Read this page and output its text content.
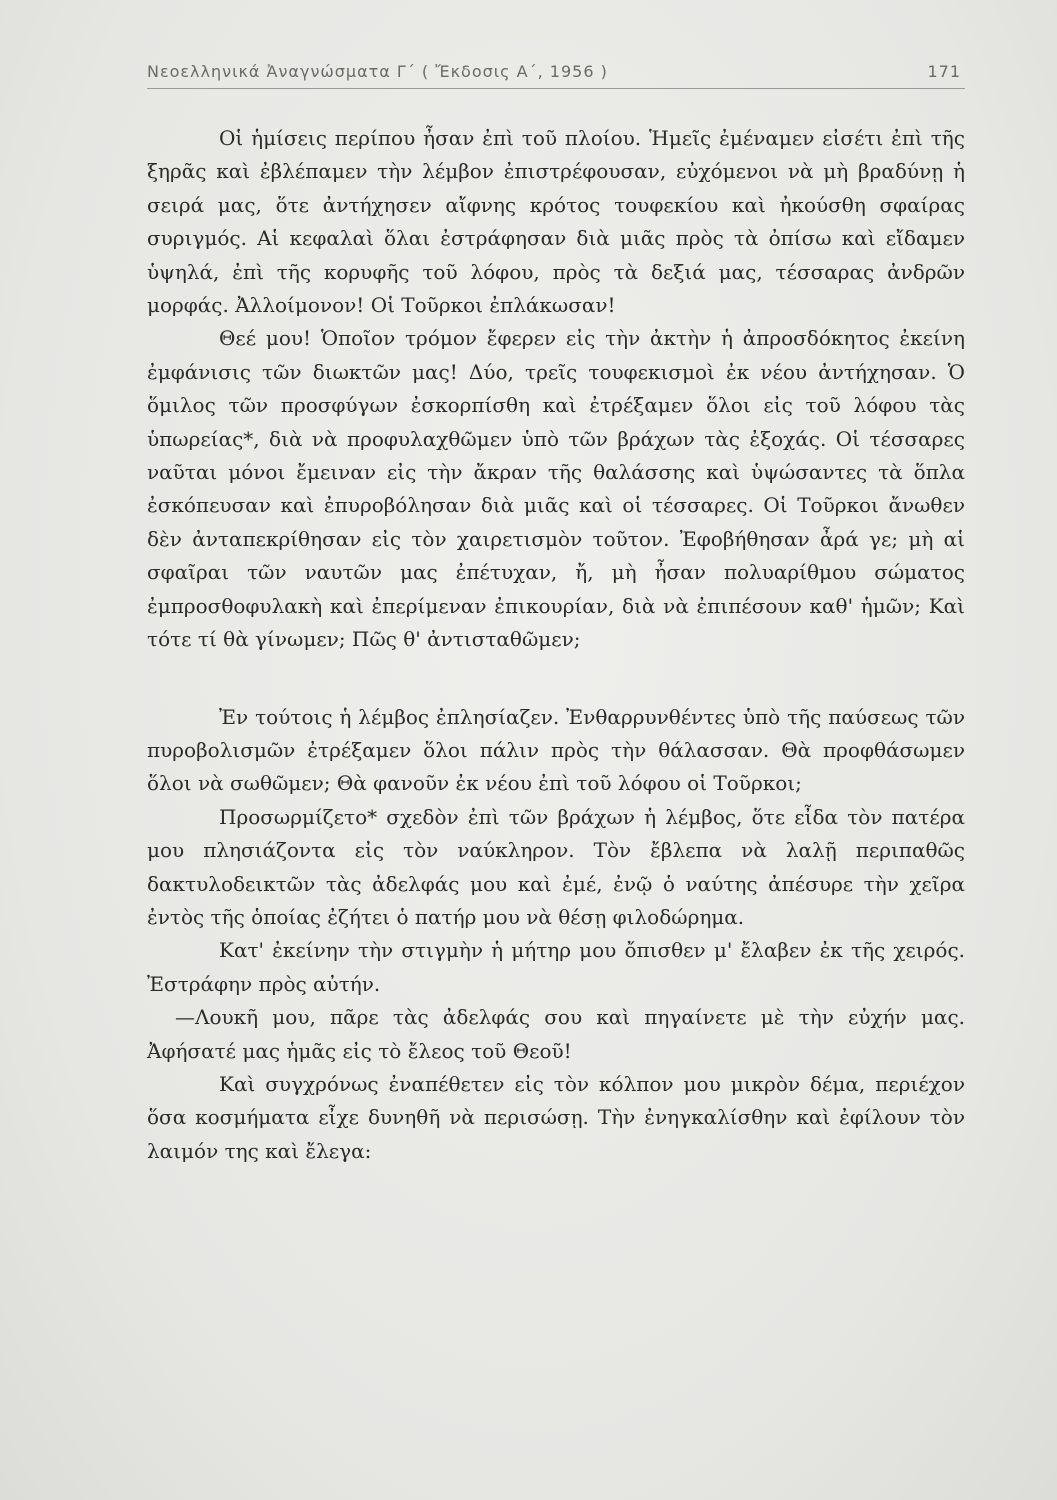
Νεοελληνικά Ἀναγνώσματα Γ΄ ( Ἔκδοσις Α΄, 1956 )	171

Οἱ ἡμίσεις περίπου ἦσαν ἐπὶ τοῦ πλοίου. Ἡμεῖς ἐμέναμεν εἰσέτι ἐπὶ τῆς ξηρᾶς καὶ ἐβλέπαμεν τὴν λέμβον ἐπιστρέφουσαν, εὐχόμενοι νὰ μὴ βραδύνῃ ἡ σειρά μας, ὅτε ἀντήχησεν αἴφνης κρότος τουφεκίου καὶ ἠκούσθη σφαίρας συριγμός. Αἱ κεφαλαὶ ὅλαι ἐστράφησαν διὰ μιᾶς πρὸς τὰ ὀπίσω καὶ εἴδαμεν ὑψηλά, ἐπὶ τῆς κορυφῆς τοῦ λόφου, πρὸς τὰ δεξιά μας, τέσσαρας ἀνδρῶν μορφάς. Ἀλλοίμονον! Οἱ Τοῦρκοι ἐπλάκωσαν!

Θεέ μου! Ὁποῖον τρόμον ἔφερεν εἰς τὴν ἀκτὴν ἡ ἀπροσδόκητος ἐκείνη ἐμφάνισις τῶν διωκτῶν μας! Δύο, τρεῖς τουφεκισμοὶ ἐκ νέου ἀντήχησαν. Ὁ ὅμιλος τῶν προσφύγων ἐσκορπίσθη καὶ ἐτρέξαμεν ὅλοι εἰς τοῦ λόφου τὰς ὑπωρείας*, διὰ νὰ προφυλαχθῶμεν ὑπὸ τῶν βράχων τὰς ἐξοχάς. Οἱ τέσσαρες ναῦται μόνοι ἔμειναν εἰς τὴν ἄκραν τῆς θαλάσσης καὶ ὑψώσαντες τὰ ὅπλα ἐσκόπευσαν καὶ ἐπυροβόλησαν διὰ μιᾶς καὶ οἱ τέσσαρες. Οἱ Τοῦρκοι ἄνωθεν δὲν ἀνταπεκρίθησαν εἰς τὸν χαιρετισμὸν τοῦτον. Ἐφοβήθησαν ἆρά γε; μὴ αἱ σφαῖραι τῶν ναυτῶν μας ἐπέτυχαν, ἤ, μὴ ἦσαν πολυαρίθμου σώματος ἐμπροσθοφυλακὴ καὶ ἐπερίμεναν ἐπικουρίαν, διὰ νὰ ἐπιπέσουν καθ' ἡμῶν; Καὶ τότε τί θὰ γίνωμεν; Πῶς θ' ἀντισταθῶμεν;

Ἐν τούτοις ἡ λέμβος ἐπλησίαζεν. Ἐνθαρρυνθέντες ὑπὸ τῆς παύσεως τῶν πυροβολισμῶν ἐτρέξαμεν ὅλοι πάλιν πρὸς τὴν θάλασσαν. Θὰ προφθάσωμεν ὅλοι νὰ σωθῶμεν; Θὰ φανοῦν ἐκ νέου ἐπὶ τοῦ λόφου οἱ Τοῦρκοι;

Προσωρμίζετο* σχεδὸν ἐπὶ τῶν βράχων ἡ λέμβος, ὅτε εἶδα τὸν πατέρα μου πλησιάζοντα εἰς τὸν ναύκληρον. Τὸν ἔβλεπα νὰ λαλῇ περιπαθῶς δακτυλοδεικτῶν τὰς ἀδελφάς μου καὶ ἐμέ, ἐνῷ ὁ ναύτης ἀπέσυρε τὴν χεῖρα ἐντὸς τῆς ὁποίας ἐζήτει ὁ πατήρ μου νὰ θέσῃ φιλοδώρημα.

Κατ' ἐκείνην τὴν στιγμὴν ἡ μήτηρ μου ὄπισθεν μ' ἔλαβεν ἐκ τῆς χειρός. Ἐστράφην πρὸς αὐτήν.

—Λουκῆ μου, πᾶρε τὰς ἀδελφάς σου καὶ πηγαίνετε μὲ τὴν εὐχήν μας. Ἀφήσατέ μας ἡμᾶς εἰς τὸ ἔλεος τοῦ Θεοῦ!

Καὶ συγχρόνως ἐναπέθετεν εἰς τὸν κόλπον μου μικρὸν δέμα, περιέχον ὅσα κοσμήματα εἶχε δυνηθῆ νὰ περισώσῃ. Τὴν ἐνηγκαλίσθην καὶ ἐφίλουν τὸν λαιμόν της καὶ ἔλεγα:
